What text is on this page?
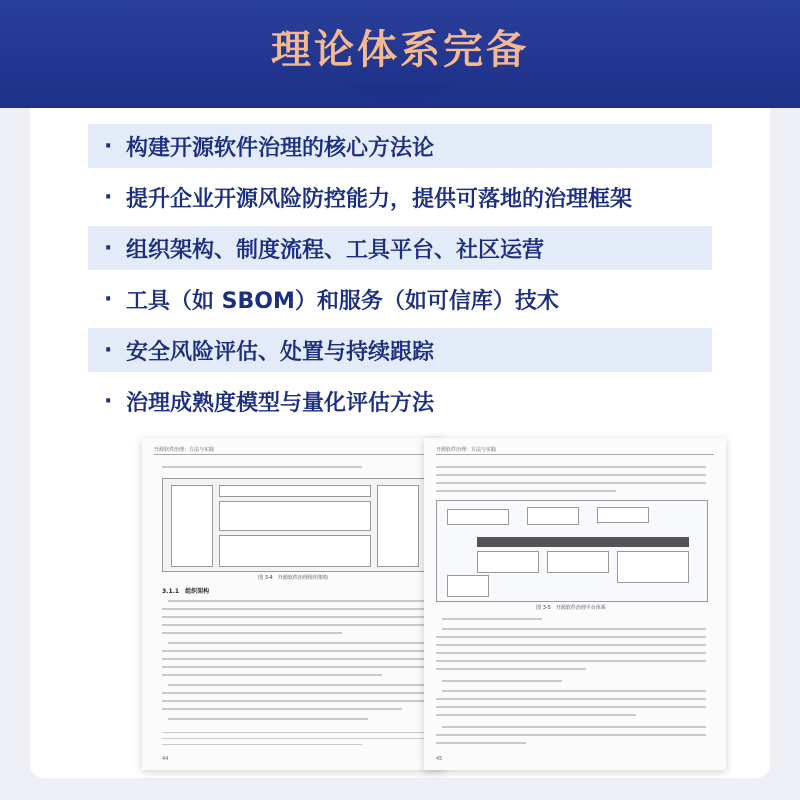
理论体系完备
· 构建开源软件治理的核心方法论
· 提升企业开源风险防控能力，提供可落地的治理框架
· 组织架构、制度流程、工具平台、社区运营
· 工具（如 SBOM）和服务（如可信库）技术
· 安全风险评估、处置与持续跟踪
· 治理成熟度模型与量化评估方法
开源软件治理：方法与实践
图 3-4　开源软件治理组织架构
3.1.1　组织架构
44
开源软件治理：方法与实践
图 3-5　开源软件治理平台体系
45
